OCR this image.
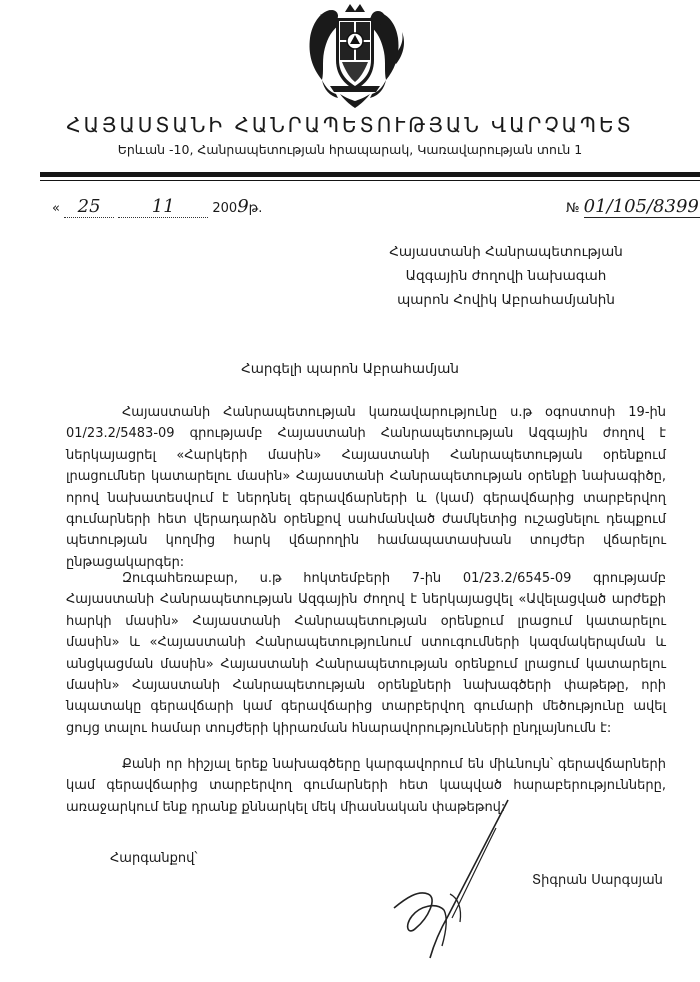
ՀԱՅԱՍՏԱՆԻ ՀԱՆՐԱՊԵՏՈՒԹՅԱՆ ՎԱՐՉԱՊԵՏ
Երևան -10, Հանրապետության հրապարակ, Կառավարության տուն 1
« 25	11	2009թ.	№ 01/105/8399
Հայաստանի Հանրապետության
Ազգային ժողովի նախագահ
պարոն Հովիկ Աբրահամյանին
Հարգելի պարոն Աբրահամյան

Հայաստանի Հանրապետության կառավարությունը ս.թ օգոստոսի 19-ին 01/23.2/5483-09 գրությամբ Հայաստանի Հանրապետության Ազգային ժողով է ներկայացրել «Հարկերի մասին» Հայաստանի Հանրապետության օրենքում լրացումներ կատարելու մասին» Հայաստանի Հանրապետության օրենքի նախագիծը, որով նախատեսվում է ներդնել գերավճարների և (կամ) գերավճարից տարբերվող գումարների հետ վերադարձն օրենքով սահմանված ժամկետից ուշացնելու դեպքում պետության կողմից հարկ վճարողին համապատասխան տույժեր վճարելու ընթացակարգեր:

Զուգահեռաբար, ս.թ հոկտեմբերի 7-ին 01/23.2/6545-09 գրությամբ Հայաստանի Հանրապետության Ազգային ժողով է ներկայացվել «Ավելացված արժեքի հարկի մասին» Հայաստանի Հանրապետության օրենքում լրացում կատարելու մասին» և «Հայաստանի Հանրապետությունում ստուգումների կազմակերպման և անցկացման մասին» Հայաստանի Հանրապետության օրենքում լրացում կատարելու մասին» Հայաստանի Հանրապետության օրենքների նախագծերի փաթեթը, որի նպատակը գերավճարի կամ գերավճարից տարբերվող գումարի մեծությունը ավել ցույց տալու համար տույժերի կիրառման հնարավորությունների ընդլայնումն է:

Քանի որ հիշյալ երեք նախագծերը կարգավորում են միևնույն՝ գերավճարների կամ գերավճարից տարբերվող գումարների հետ կապված հարաբերությունները, առաջարկում ենք դրանք քննարկել մեկ միասնական փաթեթով:

Հարգանքով՝
Տիգրան Սարգսյան
